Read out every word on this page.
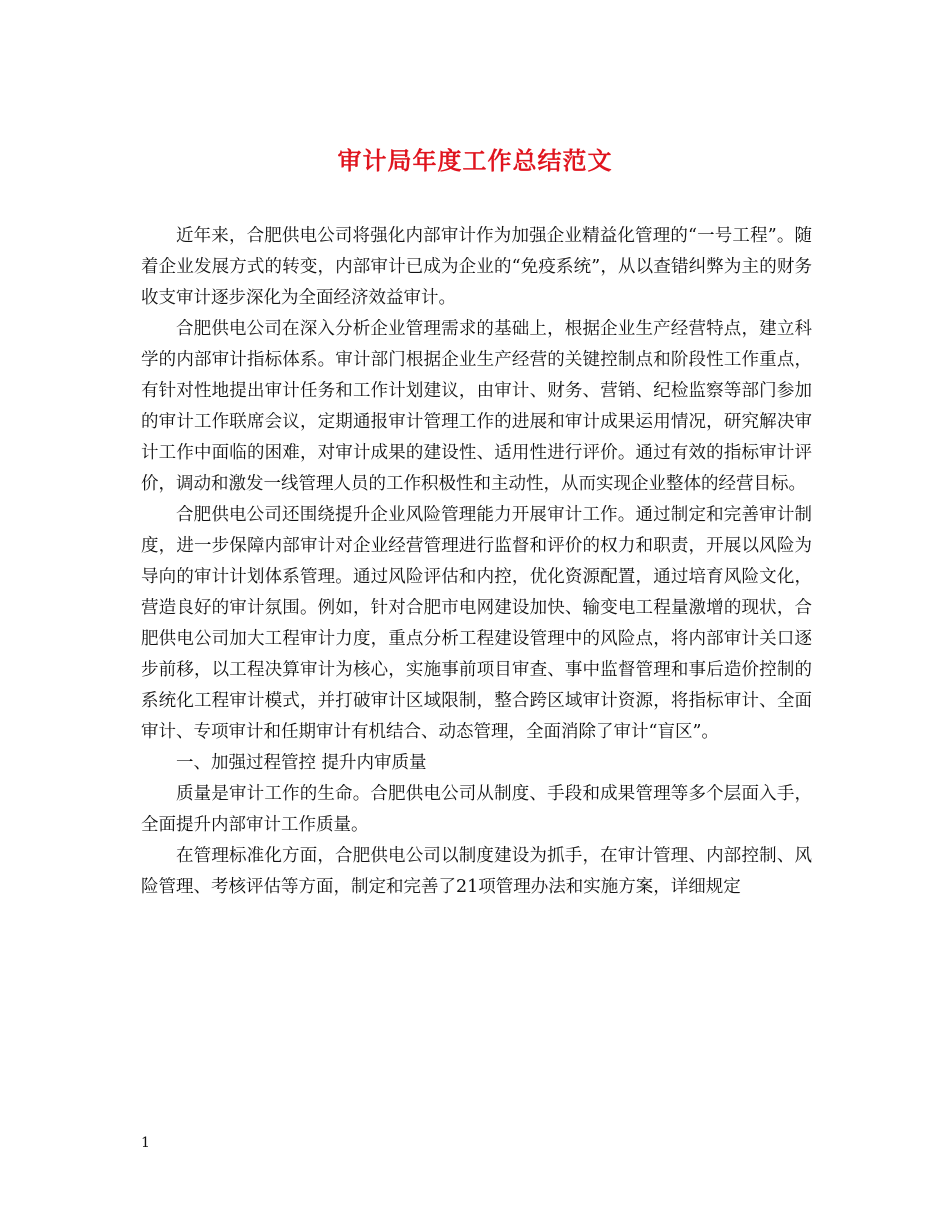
审计局年度工作总结范文

近年来，合肥供电公司将强化内部审计作为加强企业精益化管理的“一号工程”。随着企业发展方式的转变，内部审计已成为企业的“免疫系统”，从以查错纠弊为主的财务收支审计逐步深化为全面经济效益审计。

合肥供电公司在深入分析企业管理需求的基础上，根据企业生产经营特点，建立科学的内部审计指标体系。审计部门根据企业生产经营的关键控制点和阶段性工作重点，有针对性地提出审计任务和工作计划建议，由审计、财务、营销、纪检监察等部门参加的审计工作联席会议，定期通报审计管理工作的进展和审计成果运用情况，研究解决审计工作中面临的困难，对审计成果的建设性、适用性进行评价。通过有效的指标审计评价，调动和激发一线管理人员的工作积极性和主动性，从而实现企业整体的经营目标。

合肥供电公司还围绕提升企业风险管理能力开展审计工作。通过制定和完善审计制度，进一步保障内部审计对企业经营管理进行监督和评价的权力和职责，开展以风险为导向的审计计划体系管理。通过风险评估和内控，优化资源配置，通过培育风险文化，营造良好的审计氛围。例如，针对合肥市电网建设加快、输变电工程量激增的现状，合肥供电公司加大工程审计力度，重点分析工程建设管理中的风险点，将内部审计关口逐步前移，以工程决算审计为核心，实施事前项目审查、事中监督管理和事后造价控制的系统化工程审计模式，并打破审计区域限制，整合跨区域审计资源，将指标审计、全面审计、专项审计和任期审计有机结合、动态管理，全面消除了审计“盲区”。

一、加强过程管控 提升内审质量

质量是审计工作的生命。合肥供电公司从制度、手段和成果管理等多个层面入手，全面提升内部审计工作质量。

在管理标准化方面，合肥供电公司以制度建设为抓手，在审计管理、内部控制、风险管理、考核评估等方面，制定和完善了21项管理办法和实施方案，详细规定

1
